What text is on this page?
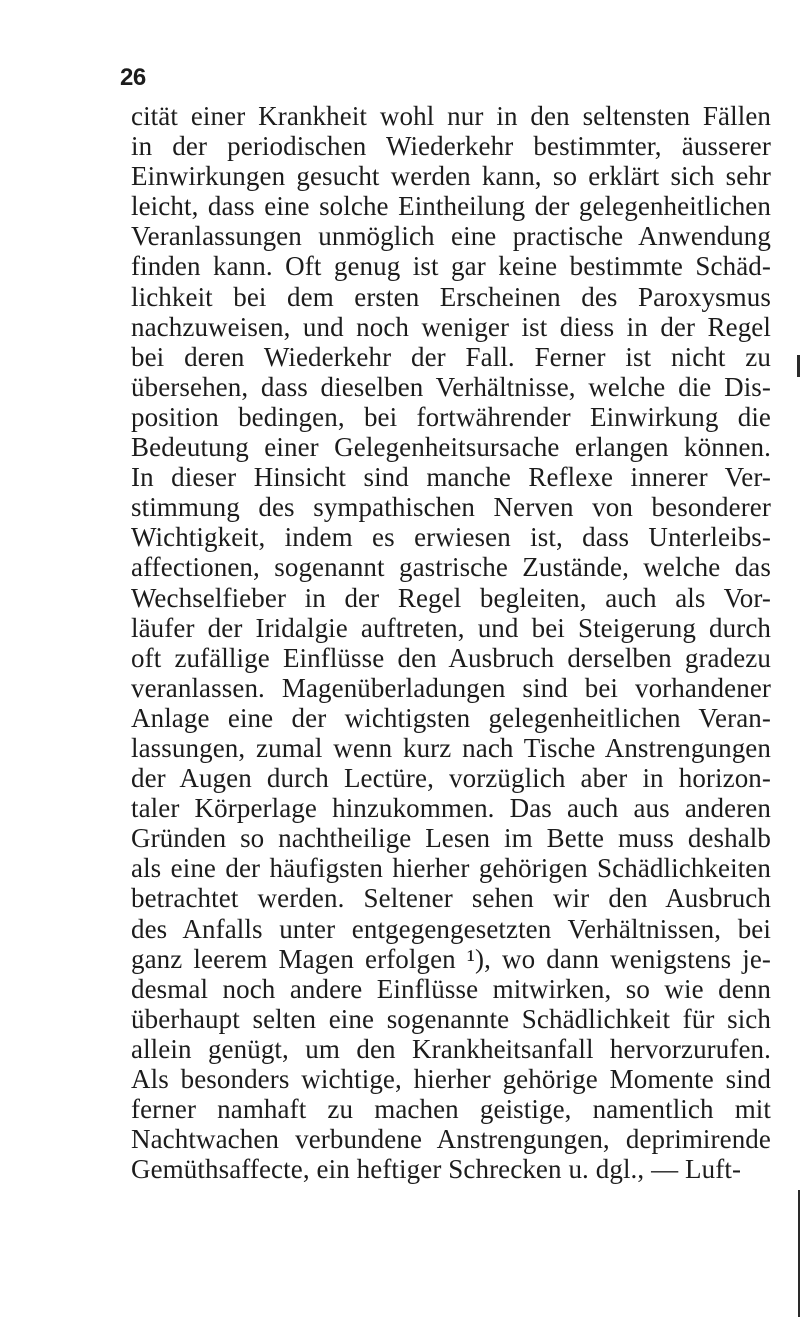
26
cität einer Krankheit wohl nur in den seltensten Fällen
in der periodischen Wiederkehr bestimmter, äusserer
Einwirkungen gesucht werden kann, so erklärt sich sehr
leicht, dass eine solche Eintheilung der gelegenheitlichen
Veranlassungen unmöglich eine practische Anwendung
finden kann. Oft genug ist gar keine bestimmte Schäd-
lichkeit bei dem ersten Erscheinen des Paroxysmus
nachzuweisen, und noch weniger ist diess in der Regel
bei deren Wiederkehr der Fall. Ferner ist nicht zu
übersehen, dass dieselben Verhältnisse, welche die Dis-
position bedingen, bei fortwährender Einwirkung die
Bedeutung einer Gelegenheitsursache erlangen können.
In dieser Hinsicht sind manche Reflexe innerer Ver-
stimmung des sympathischen Nerven von besonderer
Wichtigkeit, indem es erwiesen ist, dass Unterleibs-
affectionen, sogenannt gastrische Zustände, welche das
Wechselfieber in der Regel begleiten, auch als Vor-
läufer der Iridalgie auftreten, und bei Steigerung durch
oft zufällige Einflüsse den Ausbruch derselben gradezu
veranlassen. Magenüberladungen sind bei vorhandener
Anlage eine der wichtigsten gelegenheitlichen Veran-
lassungen, zumal wenn kurz nach Tische Anstrengungen
der Augen durch Lectüre, vorzüglich aber in horizon-
taler Körperlage hinzukommen. Das auch aus anderen
Gründen so nachtheilige Lesen im Bette muss deshalb
als eine der häufigsten hierher gehörigen Schädlichkeiten
betrachtet werden. Seltener sehen wir den Ausbruch
des Anfalls unter entgegengesetzten Verhältnissen, bei
ganz leerem Magen erfolgen ¹), wo dann wenigstens je-
desmal noch andere Einflüsse mitwirken, so wie denn
überhaupt selten eine sogenannte Schädlichkeit für sich
allein genügt, um den Krankheitsanfall hervorzurufen.
Als besonders wichtige, hierher gehörige Momente sind
ferner namhaft zu machen geistige, namentlich mit
Nachtwachen verbundene Anstrengungen, deprimirende
Gemüthsaffecte, ein heftiger Schrecken u. dgl., — Luft-
